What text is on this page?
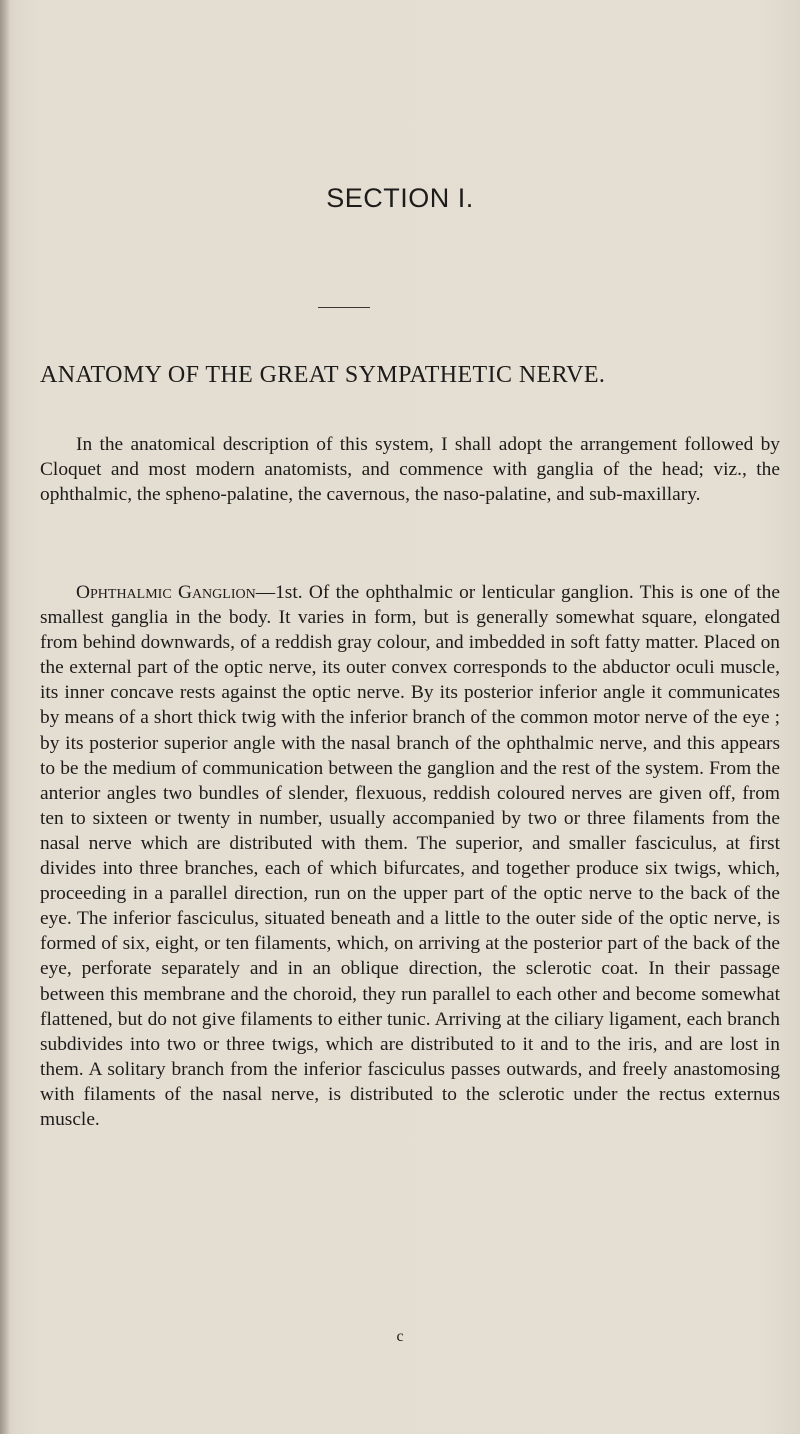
SECTION I.
ANATOMY OF THE GREAT SYMPATHETIC NERVE.

In the anatomical description of this system, I shall adopt the arrangement followed by Cloquet and most modern anatomists, and commence with ganglia of the head; viz., the ophthalmic, the spheno-palatine, the cavernous, the naso-palatine, and sub-maxillary.

Ophthalmic Ganglion—1st. Of the ophthalmic or lenticular ganglion. This is one of the smallest ganglia in the body. It varies in form, but is generally somewhat square, elongated from behind downwards, of a reddish gray colour, and imbedded in soft fatty matter. Placed on the external part of the optic nerve, its outer convex corresponds to the abductor oculi muscle, its inner concave rests against the optic nerve. By its posterior inferior angle it communicates by means of a short thick twig with the inferior branch of the common motor nerve of the eye ; by its posterior superior angle with the nasal branch of the ophthalmic nerve, and this appears to be the medium of communication between the ganglion and the rest of the system. From the anterior angles two bundles of slender, flexuous, reddish coloured nerves are given off, from ten to sixteen or twenty in number, usually accompanied by two or three filaments from the nasal nerve which are distributed with them. The superior, and smaller fasciculus, at first divides into three branches, each of which bifurcates, and together produce six twigs, which, proceeding in a parallel direction, run on the upper part of the optic nerve to the back of the eye. The inferior fasciculus, situated beneath and a little to the outer side of the optic nerve, is formed of six, eight, or ten filaments, which, on arriving at the posterior part of the back of the eye, perforate separately and in an oblique direction, the sclerotic coat. In their passage between this membrane and the choroid, they run parallel to each other and become somewhat flattened, but do not give filaments to either tunic. Arriving at the ciliary ligament, each branch subdivides into two or three twigs, which are distributed to it and to the iris, and are lost in them. A solitary branch from the inferior fasciculus passes outwards, and freely anastomosing with filaments of the nasal nerve, is distributed to the sclerotic under the rectus externus muscle.

c
